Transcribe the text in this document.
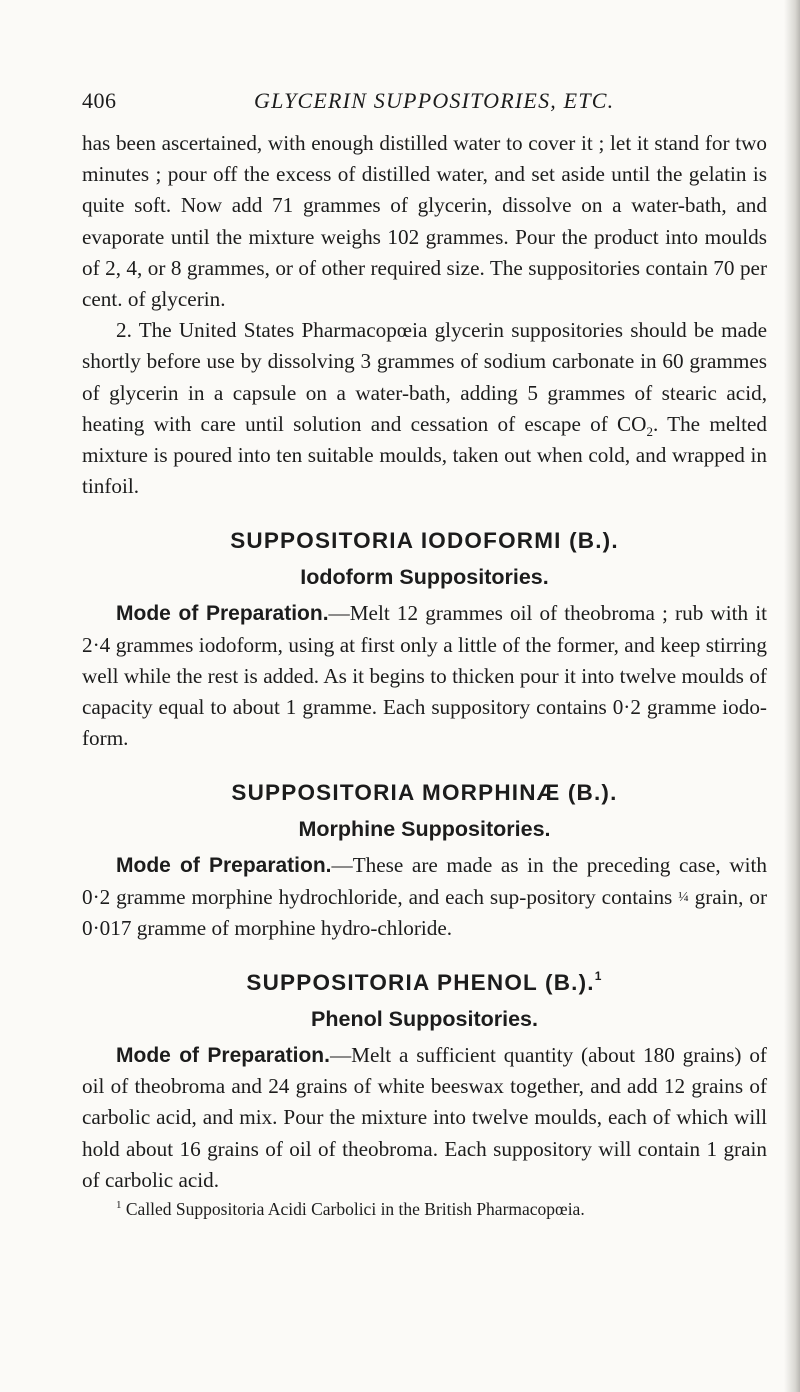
406	GLYCERIN SUPPOSITORIES, ETC.

has been ascertained, with enough distilled water to cover it ; let it stand for two minutes ; pour off the excess of distilled water, and set aside until the gelatin is quite soft. Now add 71 grammes of glycerin, dissolve on a water-bath, and evaporate until the mixture weighs 102 grammes. Pour the product into moulds of 2, 4, or 8 grammes, or of other required size. The suppositories contain 70 per cent. of glycerin.

2. The United States Pharmacopœia glycerin suppositories should be made shortly before use by dissolving 3 grammes of sodium carbonate in 60 grammes of glycerin in a capsule on a water-bath, adding 5 grammes of stearic acid, heating with care until solution and cessation of escape of $CO_2$. The melted mixture is poured into ten suitable moulds, taken out when cold, and wrapped in tinfoil.

SUPPOSITORIA IODOFORMI (B.).
Iodoform Suppositories.

Mode of Preparation.—Melt 12 grammes oil of theobroma ; rub with it 2·4 grammes iodoform, using at first only a little of the former, and keep stirring well while the rest is added. As it begins to thicken pour it into twelve moulds of capacity equal to about 1 gramme. Each suppository contains 0·2 gramme iodo-form.

SUPPOSITORIA MORPHINÆ (B.).
Morphine Suppositories.

Mode of Preparation.—These are made as in the preceding case, with 0·2 gramme morphine hydrochloride, and each sup-pository contains ¼ grain, or 0·017 gramme of morphine hydro-chloride.

SUPPOSITORIA PHENOL (B.).$^1$
Phenol Suppositories.

Mode of Preparation.—Melt a sufficient quantity (about 180 grains) of oil of theobroma and 24 grains of white beeswax together, and add 12 grains of carbolic acid, and mix. Pour the mixture into twelve moulds, each of which will hold about 16 grains of oil of theobroma. Each suppository will contain 1 grain of carbolic acid.

$^1$ Called Suppositoria Acidi Carbolici in the British Pharmacopœia.
